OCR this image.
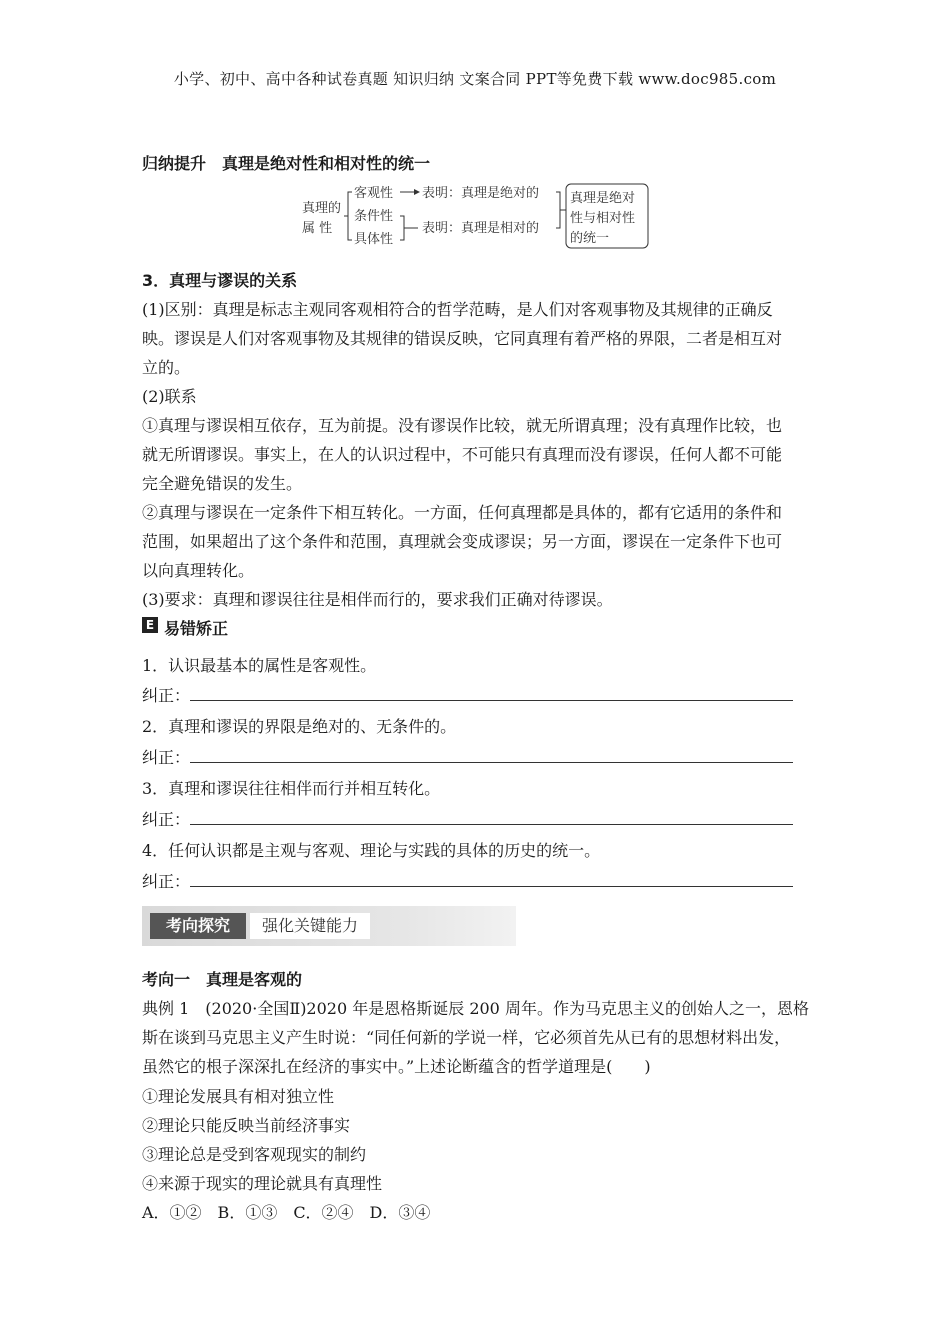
小学、初中、高中各种试卷真题 知识归纳 文案合同 PPT等免费下载 www.doc985.com
归纳提升　真理是绝对性和相对性的统一
真理的
属 性
客观性
条件性
具体性
表明：真理是绝对的
表明：真理是相对的
真理是绝对
性与相对性
的统一
3．真理与谬误的关系
(1)区别：真理是标志主观同客观相符合的哲学范畴，是人们对客观事物及其规律的正确反
映。谬误是人们对客观事物及其规律的错误反映，它同真理有着严格的界限，二者是相互对
立的。
(2)联系
①真理与谬误相互依存，互为前提。没有谬误作比较，就无所谓真理；没有真理作比较，也
就无所谓谬误。事实上，在人的认识过程中，不可能只有真理而没有谬误，任何人都不可能
完全避免错误的发生。
②真理与谬误在一定条件下相互转化。一方面，任何真理都是具体的，都有它适用的条件和
范围，如果超出了这个条件和范围，真理就会变成谬误；另一方面，谬误在一定条件下也可
以向真理转化。
(3)要求：真理和谬误往往是相伴而行的，要求我们正确对待谬误。
E 易错矫正
1．认识最基本的属性是客观性。
纠正：
2．真理和谬误的界限是绝对的、无条件的。
纠正：
3．真理和谬误往往相伴而行并相互转化。
纠正：
4．任何认识都是主观与客观、理论与实践的具体的历史的统一。
纠正：
考向探究	强化关键能力
考向一　真理是客观的
典例 1　(2020·全国Ⅱ)2020 年是恩格斯诞辰 200 周年。作为马克思主义的创始人之一，恩格
斯在谈到马克思主义产生时说：“同任何新的学说一样，它必须首先从已有的思想材料出发，
虽然它的根子深深扎在经济的事实中。”上述论断蕴含的哲学道理是(　　)
①理论发展具有相对独立性
②理论只能反映当前经济事实
③理论总是受到客观现实的制约
④来源于现实的理论就具有真理性
A．①②　B．①③　C．②④　D．③④
